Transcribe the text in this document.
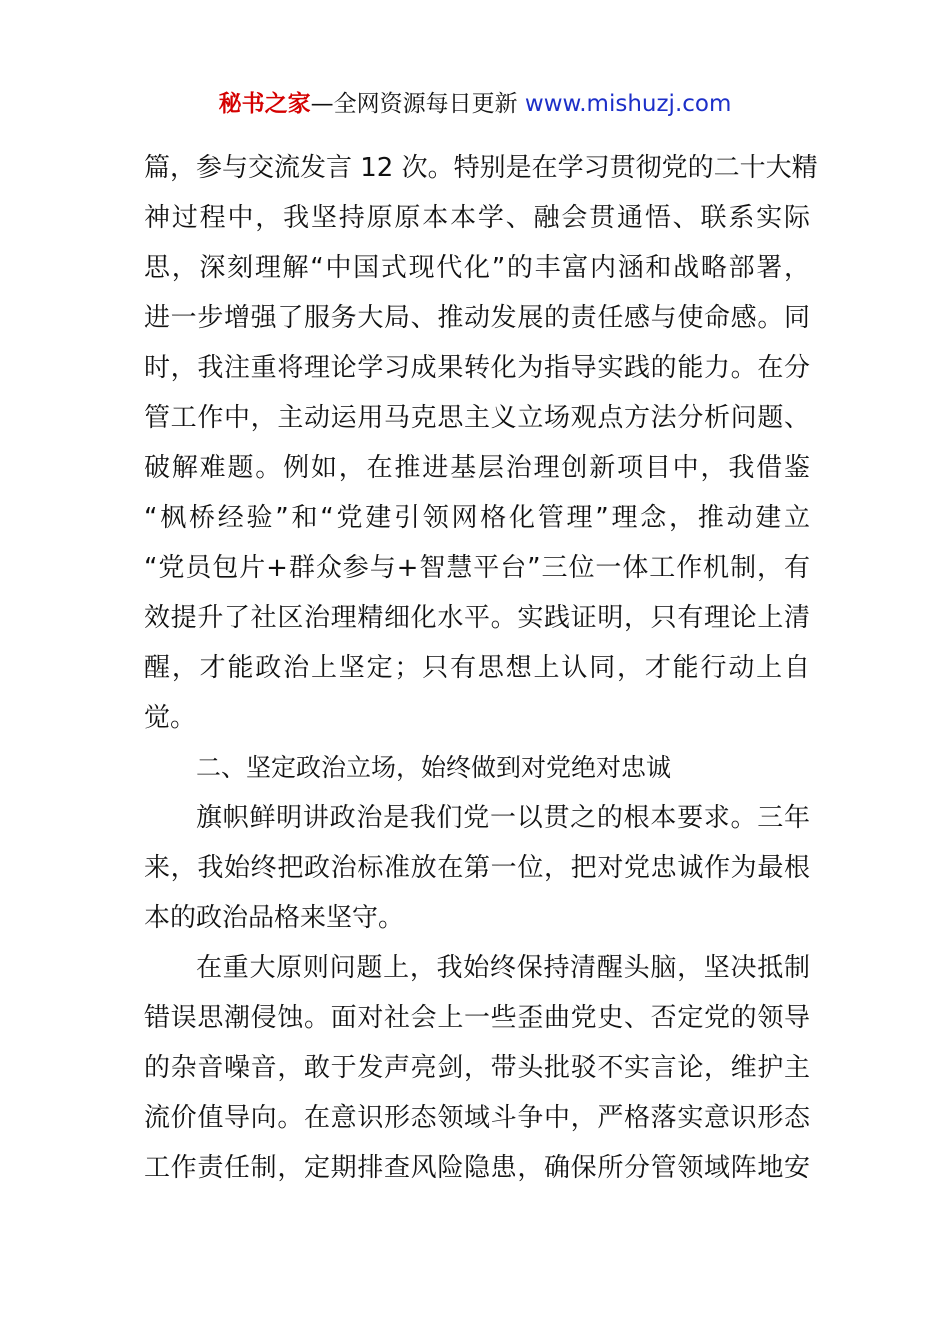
秘书之家—全网资源每日更新 www.mishuzj.com
篇，参与交流发言 12 次。特别是在学习贯彻党的二十大精
神过程中，我坚持原原本本学、融会贯通悟、联系实际
思，深刻理解“中国式现代化”的丰富内涵和战略部署，
进一步增强了服务大局、推动发展的责任感与使命感。同
时，我注重将理论学习成果转化为指导实践的能力。在分
管工作中，主动运用马克思主义立场观点方法分析问题、
破解难题。例如，在推进基层治理创新项目中，我借鉴
“枫桥经验”和“党建引领网格化管理”理念，推动建立
“党员包片+群众参与+智慧平台”三位一体工作机制，有
效提升了社区治理精细化水平。实践证明，只有理论上清
醒，才能政治上坚定；只有思想上认同，才能行动上自
觉。
二、坚定政治立场，始终做到对党绝对忠诚
旗帜鲜明讲政治是我们党一以贯之的根本要求。三年
来，我始终把政治标准放在第一位，把对党忠诚作为最根
本的政治品格来坚守。
在重大原则问题上，我始终保持清醒头脑，坚决抵制
错误思潮侵蚀。面对社会上一些歪曲党史、否定党的领导
的杂音噪音，敢于发声亮剑，带头批驳不实言论，维护主
流价值导向。在意识形态领域斗争中，严格落实意识形态
工作责任制，定期排查风险隐患，确保所分管领域阵地安
